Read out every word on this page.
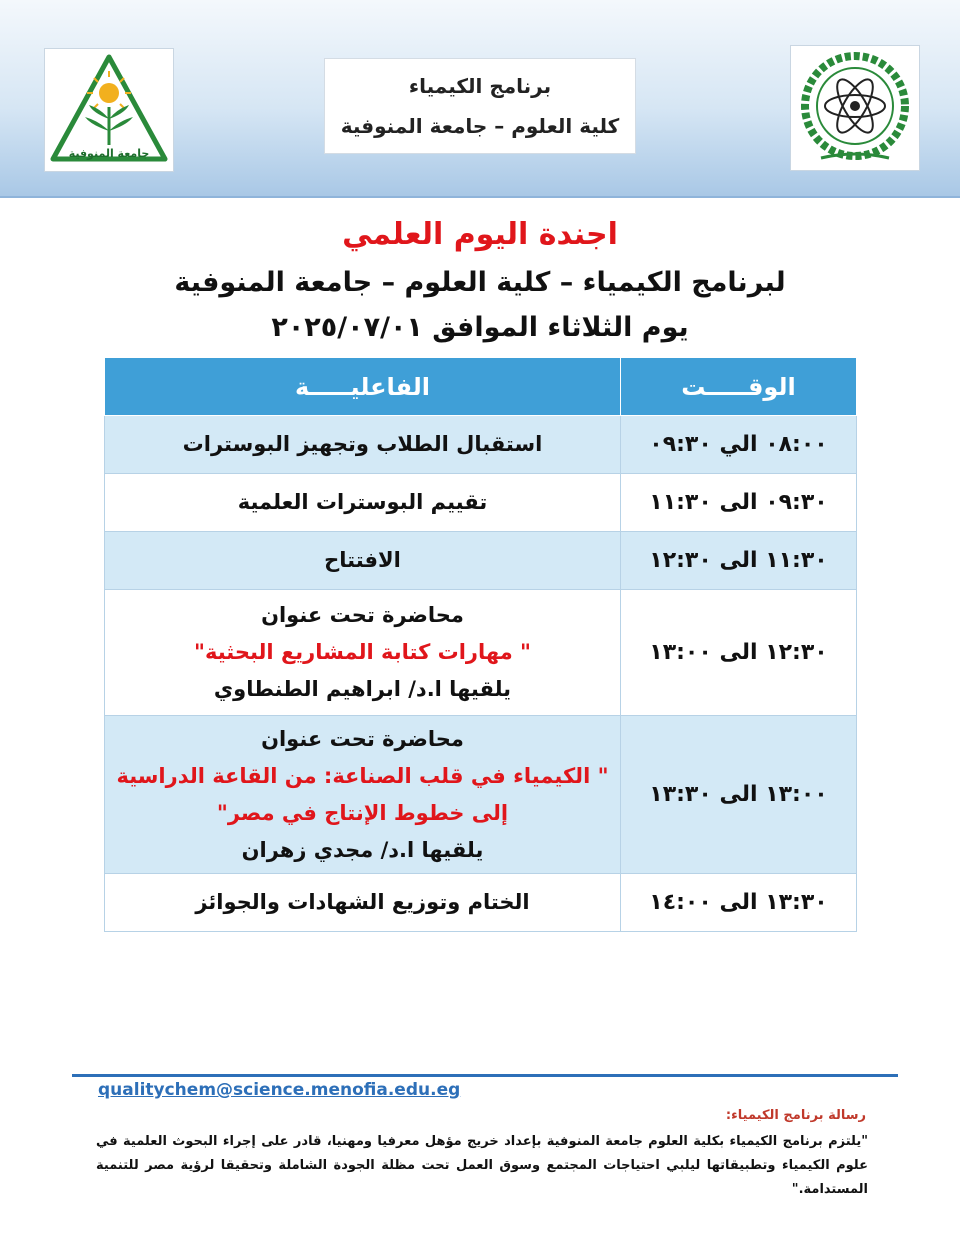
جامعة المنوفية
برنامج الكيمياء
كلية العلوم – جامعة المنوفية
اجندة اليوم العلمي
لبرنامج الكيمياء – كلية العلوم – جامعة المنوفية
يوم الثلاثاء الموافق ٢٠٢٥/٠٧/٠١
الوقـــــت	الفاعليـــــة
٠٨:٠٠ الي ٠٩:٣٠	استقبال الطلاب وتجهيز البوسترات

٠٩:٣٠ الى ١١:٣٠	تقييم البوسترات العلمية

١١:٣٠ الى ١٢:٣٠	الافتتاح

١٢:٣٠ الى ١٣:٠٠	محاضرة تحت عنوان
" مهارات كتابة المشاريع البحثية"
يلقيها ا.د/ ابراهيم الطنطاوي

١٣:٠٠ الى ١٣:٣٠	محاضرة تحت عنوان
" الكيمياء في قلب الصناعة: من القاعة الدراسية
إلى خطوط الإنتاج في مصر"
يلقيها ا.د/ مجدي زهران

١٣:٣٠ الى ١٤:٠٠	الختام وتوزيع الشهادات والجوائز
qualitychem@science.menofia.edu.eg
رسالة برنامج الكيمياء:
"يلتزم برنامج الكيمياء بكلية العلوم جامعة المنوفية بإعداد خريج مؤهل معرفيا ومهنيا، قادر على إجراء البحوث العلمية في علوم الكيمياء وتطبيقاتها ليلبي احتياجات المجتمع وسوق العمل تحت مظلة الجودة الشاملة وتحقيقا لرؤية مصر للتنمية المستدامة."
